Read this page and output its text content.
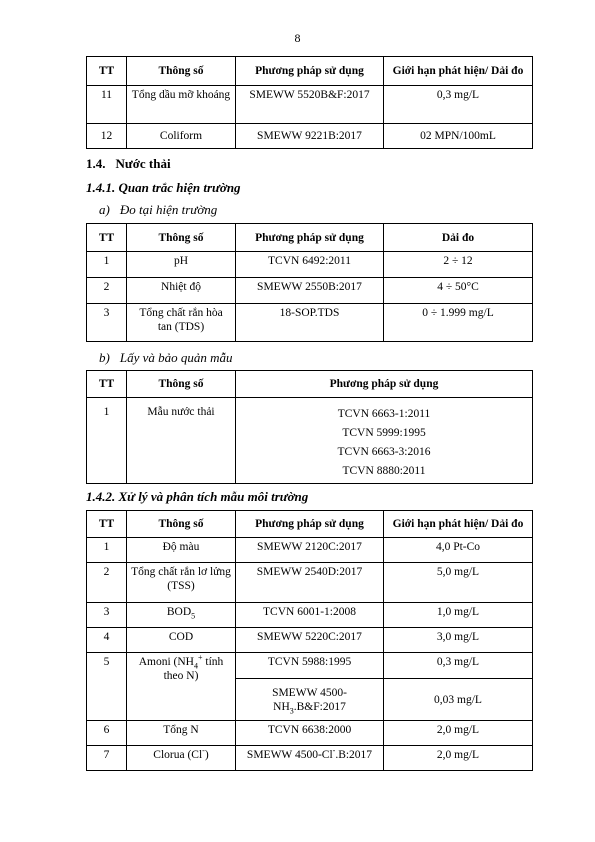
8
TT	Thông số	Phương pháp sử dụng	Giới hạn phát hiện/ Dải đo
11	Tổng dầu mỡ khoáng	SMEWW 5520B&F:2017	0,3 mg/L
12	Coliform	SMEWW 9221B:2017	02 MPN/100mL
1.4. Nước thải
1.4.1. Quan trắc hiện trường
a) Đo tại hiện trường
TT	Thông số	Phương pháp sử dụng	Dải đo
1	pH	TCVN 6492:2011	2 ÷ 12
2	Nhiệt độ	SMEWW 2550B:2017	4 ÷ 50°C
3	Tổng chất rắn hòa tan (TDS)	18-SOP.TDS	0 ÷ 1.999 mg/L
b) Lấy và bảo quản mẫu
TT	Thông số	Phương pháp sử dụng
1	Mẫu nước thải	TCVN 6663-1:2011
TCVN 5999:1995
TCVN 6663-3:2016
TCVN 8880:2011
1.4.2. Xử lý và phân tích mẫu môi trường
TT	Thông số	Phương pháp sử dụng	Giới hạn phát hiện/ Dải đo
1	Độ màu	SMEWW 2120C:2017	4,0 Pt-Co
2	Tổng chất rắn lơ lửng (TSS)	SMEWW 2540D:2017	5,0 mg/L
3	$BOD_5$	TCVN 6001-1:2008	1,0 mg/L
4	COD	SMEWW 5220C:2017	3,0 mg/L
5	Amoni ($NH_4^+$ tính theo N)	TCVN 5988:1995	0,3 mg/L
		SMEWW $4500-NH_3.B\&F:2017$	0,03 mg/L
6	Tổng N	TCVN 6638:2000	2,0 mg/L
7	Clorua (Cl-)	SMEWW 4500-Cl-.B:2017	2,0 mg/L
